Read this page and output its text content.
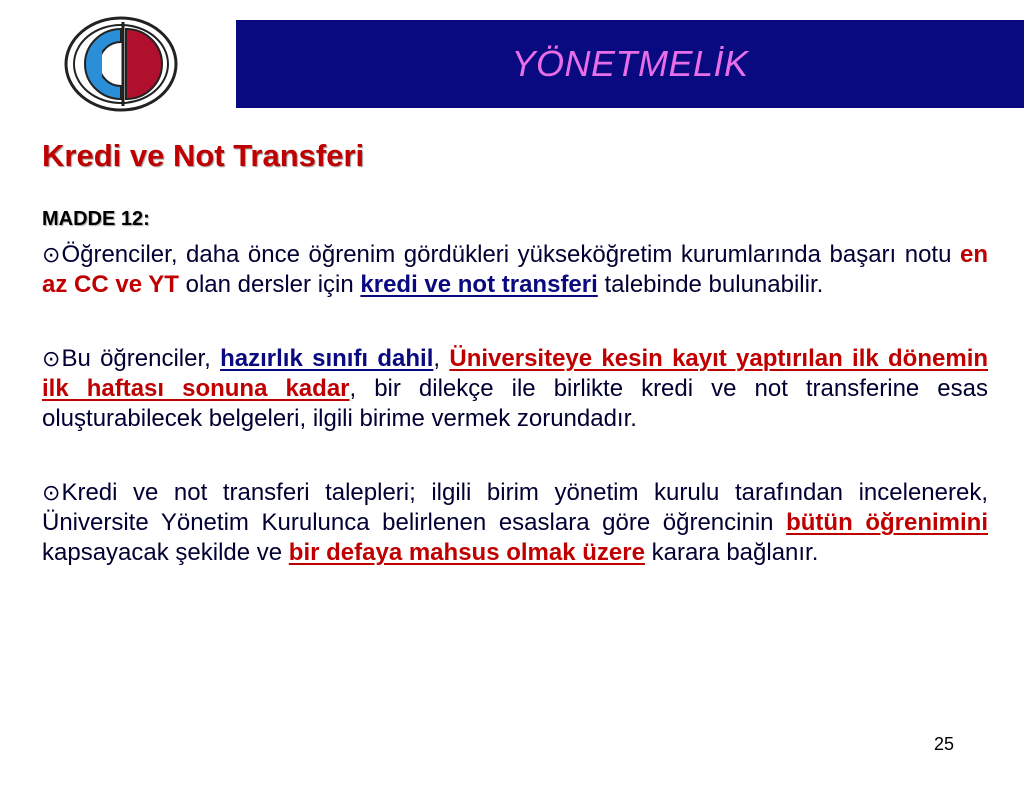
YÖNETMELİK
Kredi ve Not Transferi
MADDE 12:

⊙Öğrenciler, daha önce öğrenim gördükleri yükseköğretim kurumlarında başarı notu en az CC ve YT olan dersler için kredi ve not transferi talebinde bulunabilir.

⊙Bu öğrenciler, hazırlık sınıfı dahil, Üniversiteye kesin kayıt yaptırılan ilk dönemin ilk haftası sonuna kadar, bir dilekçe ile birlikte kredi ve not transferine esas oluşturabilecek belgeleri, ilgili birime vermek zorundadır.

⊙Kredi ve not transferi talepleri; ilgili birim yönetim kurulu tarafından incelenerek, Üniversite Yönetim Kurulunca belirlenen esaslara göre öğrencinin bütün öğrenimini kapsayacak şekilde ve bir defaya mahsus olmak üzere karara bağlanır.

25
